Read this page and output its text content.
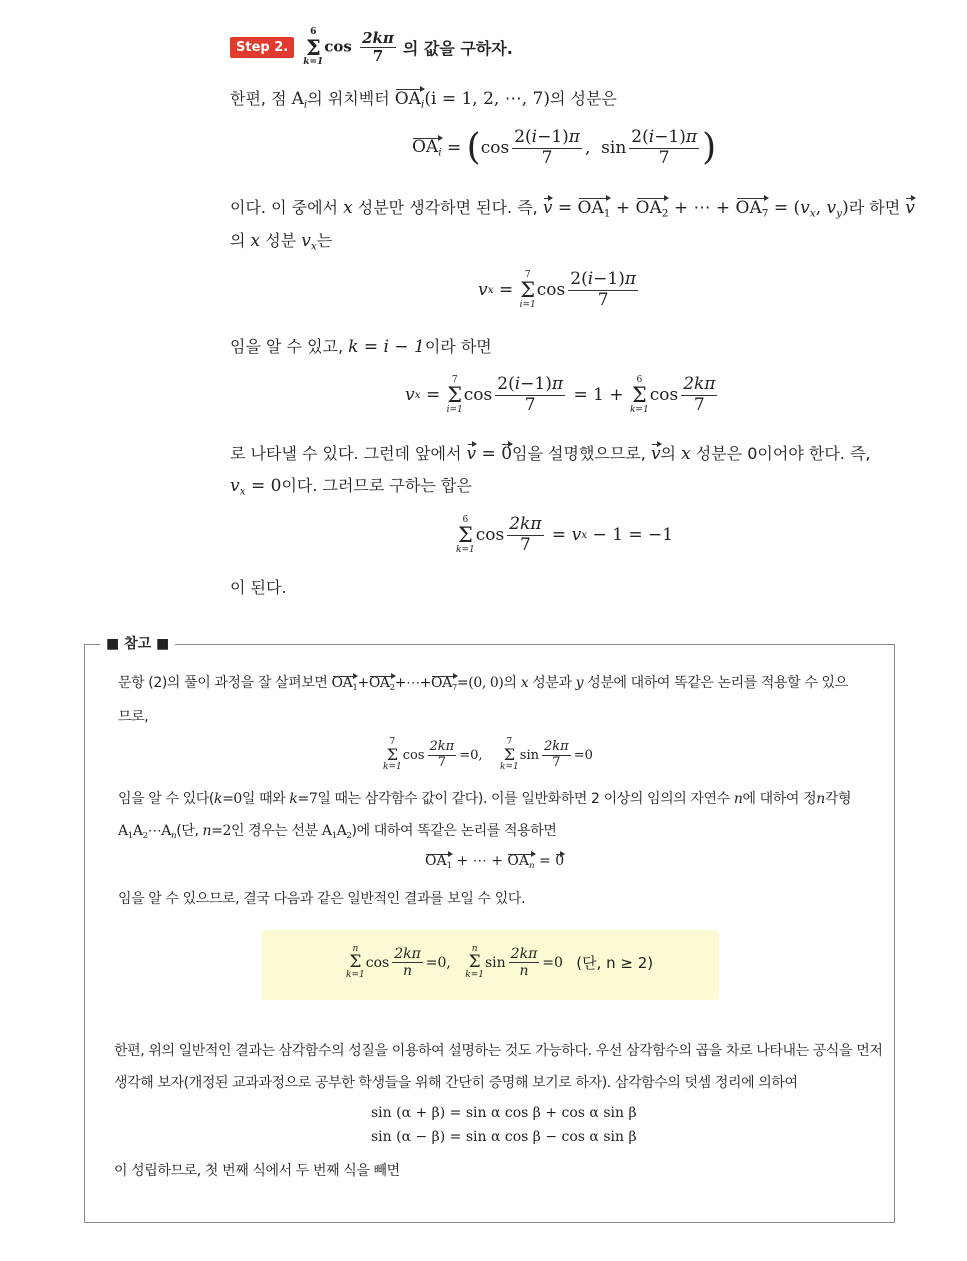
Step 2.
6
Σ
k=1
$\cos \frac{2k\pi}{7}$ 의 값을 구하자.
한편, 점 $A_i$의 위치벡터 $OA_i(i = 1$, 2, ⋯, 7)의 성분은
$OA_i$ = ( $\cos \frac{2(i-1)\pi}{7}$ ,  $\sin \frac{2(i-1)\pi}{7}$ )
이다. 이 중에서 x 성분만 생각하면 된다. 즉, $v = OA_1 + OA_2$ + ⋯ + $OA_7 = (v_x$, $v_y$)라 하면 v
의 x 성분 $v_x$는
v x =
7
Σ
i=1
$\cos \frac{2(i-1)\pi}{7}$
임을 알 수 있고, k = i − 1이라 하면
v x =
7
Σ
i=1
$\cos \frac{2(i-1)\pi}{7} = 1$ +
6
Σ
k=1
$\cos \frac{2k\pi}{7}$
로 나타낼 수 있다. 그런데 앞에서 v = 0임을 설명했으므로, v의 x 성분은 0이어야 한다. 즉,
$v_x = 0$이다. 그러므로 구하는 합은
6
Σ
k=1
$\cos \frac{2k\pi}{7} = v$ x − 1 = −1
이 된다.
■ 참고 ■
문항 (2)의 풀이 과정을 잘 살펴보면 $OA_1+OA_2+\cdots+OA_7=(0$, 0)의 x 성분과 y 성분에 대하여 똑같은 논리를 적용할 수 있으
므로,
7
Σ
k=1
$\cos \frac{2k\pi}{7} =0$,
7
Σ
k=1
$\sin \frac{2k\pi}{7} =0$
임을 알 수 있다(k=0일 때와 k=7일 때는 삼각함수 값이 같다). 이를 일반화하면 2 이상의 임의의 자연수 n에 대하여 정n각형
$A_1A_2\cdots A_n$(단, n=2인 경우는 선분 $A_1A_2$)에 대하여 똑같은 논리를 적용하면
$OA_1$ + ⋯ + $OA_n = 0$
임을 알 수 있으므로, 결국 다음과 같은 일반적인 결과를 보일 수 있다.
n
Σ
k=1
$\cos \frac{2k\pi}{n} =0$,
n
Σ
k=1
$\sin \frac{2k\pi}{n} =0$ (단, n ≥ 2)
한편, 위의 일반적인 결과는 삼각함수의 성질을 이용하여 설명하는 것도 가능하다. 우선 삼각함수의 곱을 차로 나타내는 공식을 먼저
생각해 보자(개정된 교과과정으로 공부한 학생들을 위해 간단히 증명해 보기로 하자). 삼각함수의 덧셈 정리에 의하여
sin (α + β) = sin α cos β + cos α sin β
sin (α − β) = sin α cos β − cos α sin β
이 성립하므로, 첫 번째 식에서 두 번째 식을 빼면
